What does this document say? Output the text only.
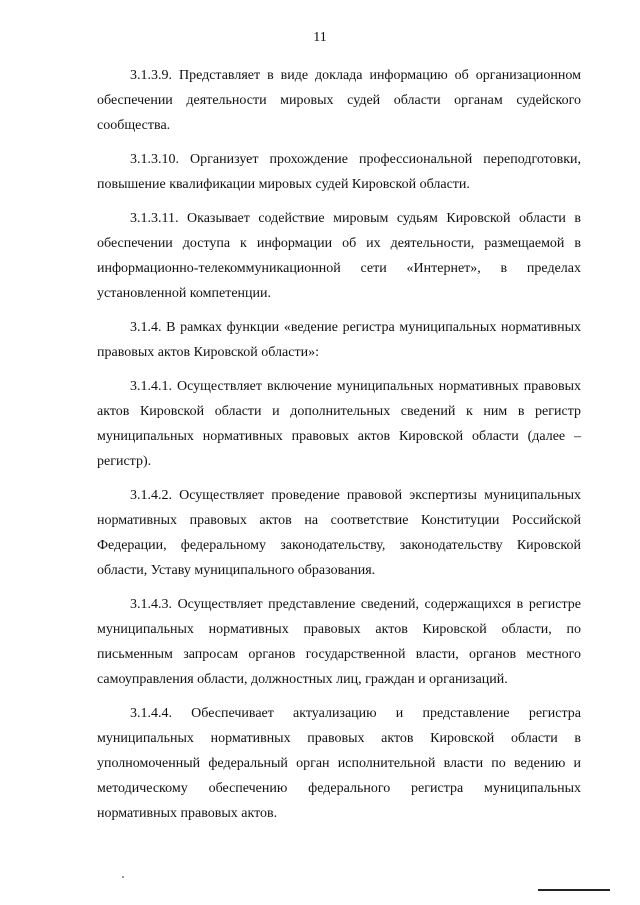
11

3.1.3.9. Представляет в виде доклада информацию об организационном обеспечении деятельности мировых судей области органам судейского сообщества.

3.1.3.10. Организует прохождение профессиональной переподготовки, повышение квалификации мировых судей Кировской области.

3.1.3.11. Оказывает содействие мировым судьям Кировской области в обеспечении доступа к информации об их деятельности, размещаемой в информационно-телекоммуникационной сети «Интернет», в пределах установленной компетенции.

3.1.4. В рамках функции «ведение регистра муниципальных нормативных правовых актов Кировской области»:

3.1.4.1. Осуществляет включение муниципальных нормативных правовых актов Кировской области и дополнительных сведений к ним в регистр муниципальных нормативных правовых актов Кировской области (далее – регистр).

3.1.4.2. Осуществляет проведение правовой экспертизы муниципальных нормативных правовых актов на соответствие Конституции Российской Федерации, федеральному законодательству, законодательству Кировской области, Уставу муниципального образования.

3.1.4.3. Осуществляет представление сведений, содержащихся в регистре муниципальных нормативных правовых актов Кировской области, по письменным запросам органов государственной власти, органов местного самоуправления области, должностных лиц, граждан и организаций.

3.1.4.4. Обеспечивает актуализацию и представление регистра муниципальных нормативных правовых актов Кировской области в уполномоченный федеральный орган исполнительной власти по ведению и методическому обеспечению федерального регистра муниципальных нормативных правовых актов.
